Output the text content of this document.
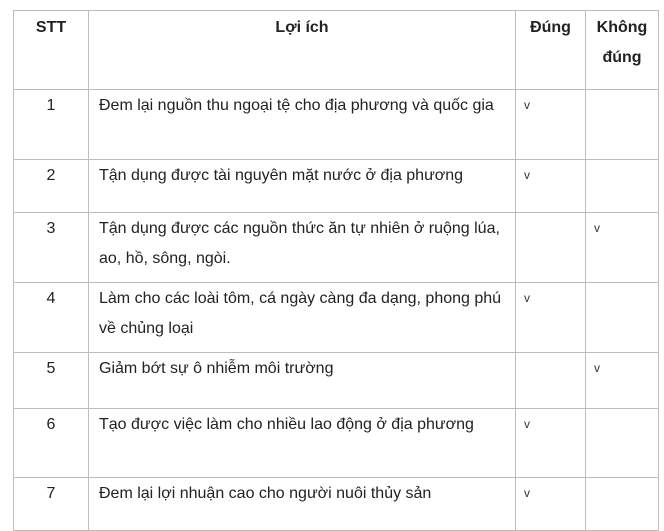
STT	Lợi ích	Đúng	Không đúng
1	Đem lại nguồn thu ngoại tệ cho địa phương và quốc gia	v	
2	Tận dụng được tài nguyên mặt nước ở địa phương	v	
3	Tận dụng được các nguồn thức ăn tự nhiên ở ruộng lúa, ao, hồ, sông, ngòi.		v
4	Làm cho các loài tôm, cá ngày càng đa dạng, phong phú về chủng loại	v	
5	Giảm bớt sự ô nhiễm môi trường		v
6	Tạo được việc làm cho nhiều lao động ở địa phương	v	
7	Đem lại lợi nhuận cao cho người nuôi thủy sản	v	
